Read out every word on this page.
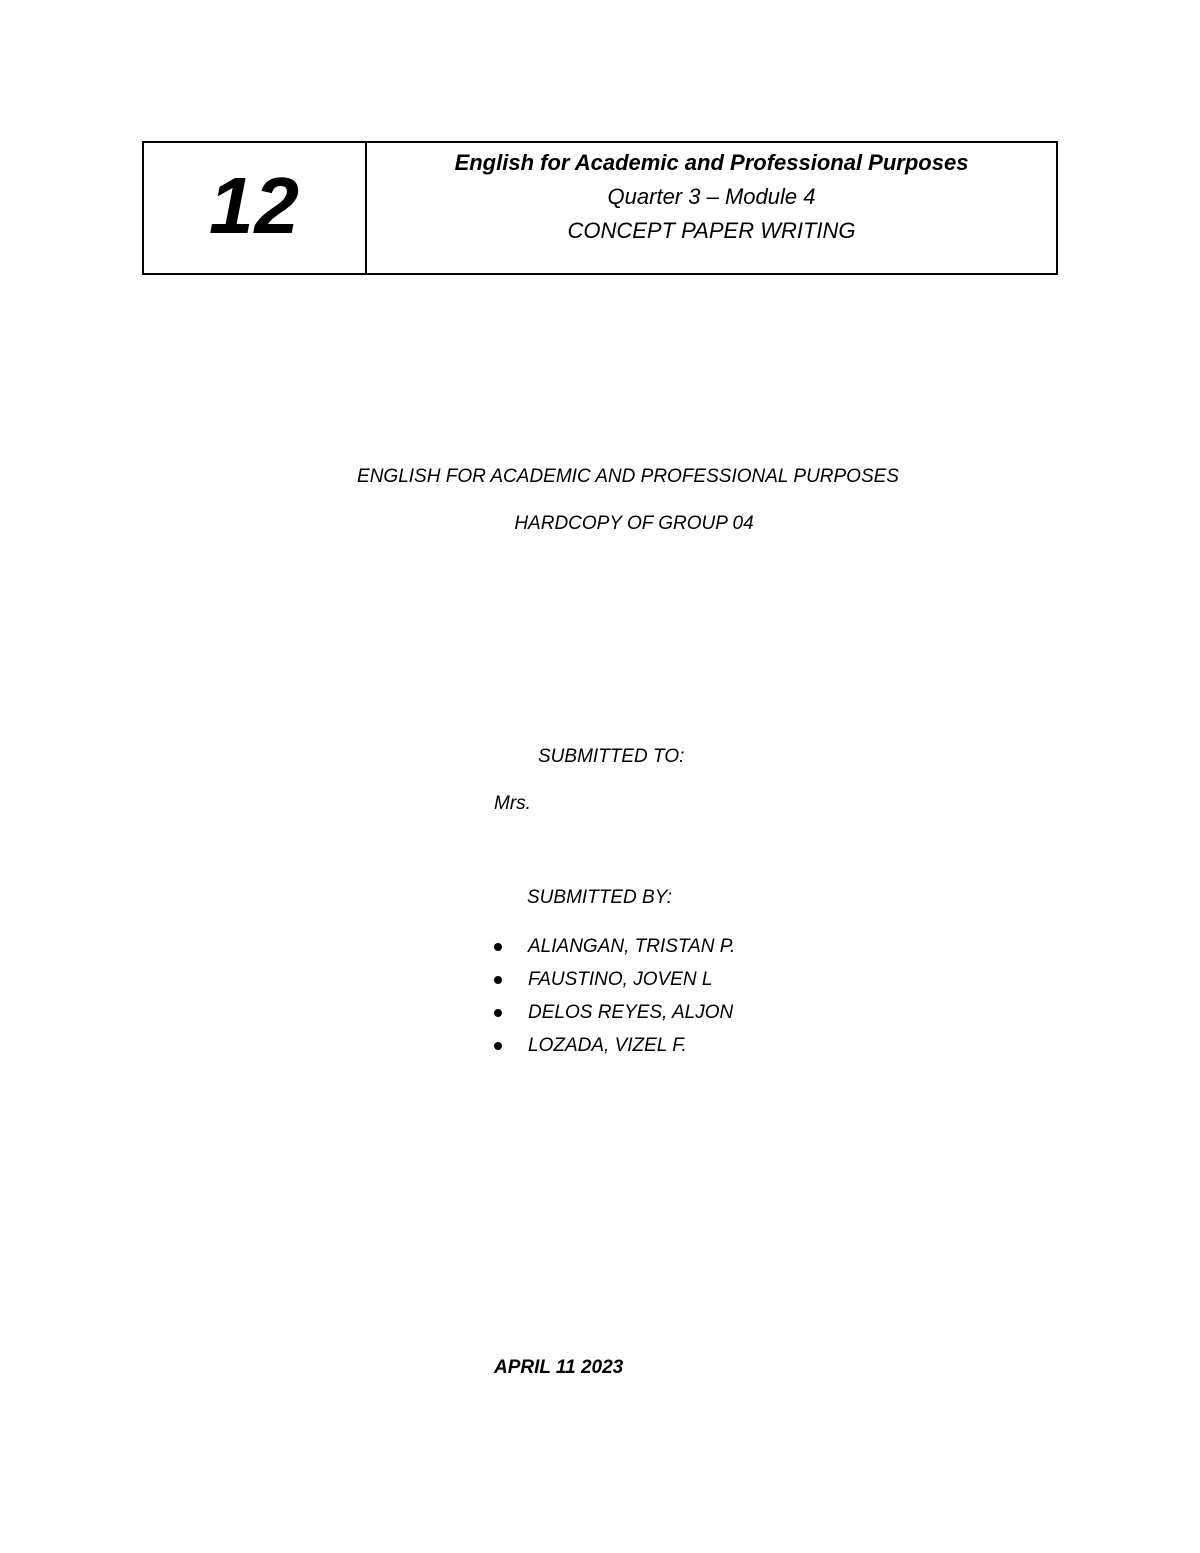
12	English for Academic and Professional Purposes
Quarter 3 – Module 4
CONCEPT PAPER WRITING
ENGLISH FOR ACADEMIC AND PROFESSIONAL PURPOSES
HARDCOPY OF GROUP 04
SUBMITTED TO:
Mrs.
SUBMITTED BY:
ALIANGAN, TRISTAN P.
FAUSTINO, JOVEN L
DELOS REYES, ALJON
LOZADA, VIZEL F.
APRIL 11 2023
